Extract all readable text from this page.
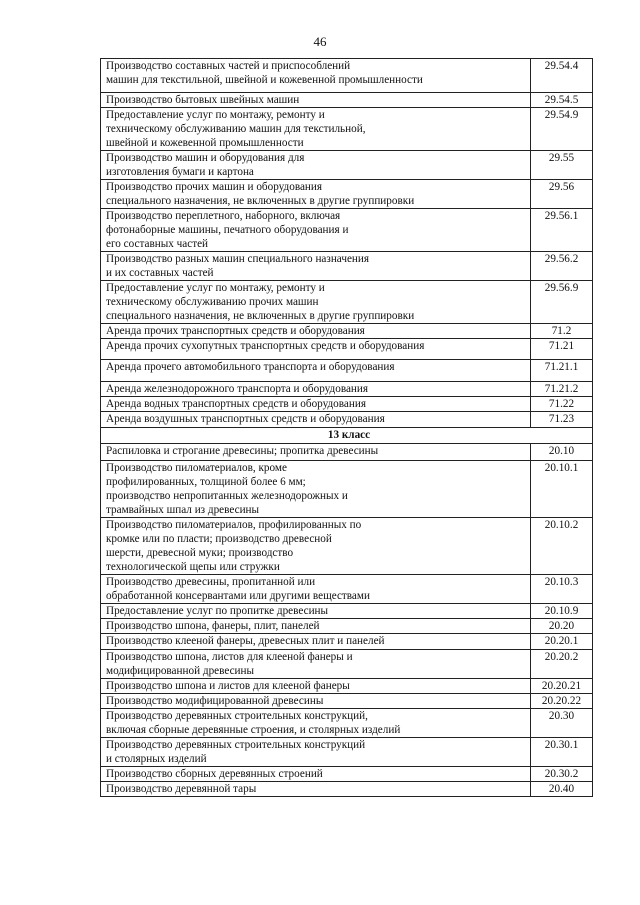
46
Производство составных частей и приспособлений
машин для текстильной, швейной и кожевенной промышленности	29.54.4

Производство бытовых швейных машин	29.54.5

Предоставление услуг по монтажу, ремонту и
техническому обслуживанию машин для текстильной,
швейной и кожевенной промышленности	29.54.9

Производство машин и оборудования для
изготовления бумаги и картона	29.55

Производство прочих машин и оборудования
специального назначения, не включенных в другие группировки	29.56

Производство переплетного, наборного, включая
фотонаборные машины, печатного оборудования и
его составных частей	29.56.1

Производство разных машин специального назначения
и их составных частей	29.56.2

Предоставление услуг по монтажу, ремонту и
техническому обслуживанию прочих машин
специального назначения, не включенных в другие группировки	29.56.9

Аренда прочих транспортных средств и оборудования	71.2

Аренда прочих сухопутных транспортных средств и оборудования	71.21

Аренда прочего автомобильного транспорта и оборудования	71.21.1

Аренда железнодорожного транспорта и оборудования	71.21.2

Аренда водных транспортных средств и оборудования	71.22

Аренда воздушных транспортных средств и оборудования	71.23
13 класс	

Распиловка и строгание древесины; пропитка древесины	20.10

Производство пиломатериалов, кроме
профилированных, толщиной более 6 мм;
производство непропитанных железнодорожных и
трамвайных шпал из древесины	20.10.1

Производство пиломатериалов, профилированных по
кромке или по пласти; производство древесной
шерсти, древесной муки; производство
технологической щепы или стружки	20.10.2

Производство древесины, пропитанной или
обработанной консервантами или другими веществами	20.10.3

Предоставление услуг по пропитке древесины	20.10.9

Производство шпона, фанеры, плит, панелей	20.20

Производство клееной фанеры, древесных плит и панелей	20.20.1

Производство шпона, листов для клееной фанеры и
модифицированной древесины	20.20.2

Производство шпона и листов для клееной фанеры	20.20.21

Производство модифицированной древесины	20.20.22

Производство деревянных строительных конструкций,
включая сборные деревянные строения, и столярных изделий	20.30

Производство деревянных строительных конструкций
и столярных изделий	20.30.1

Производство сборных деревянных строений	20.30.2

Производство деревянной тары	20.40
